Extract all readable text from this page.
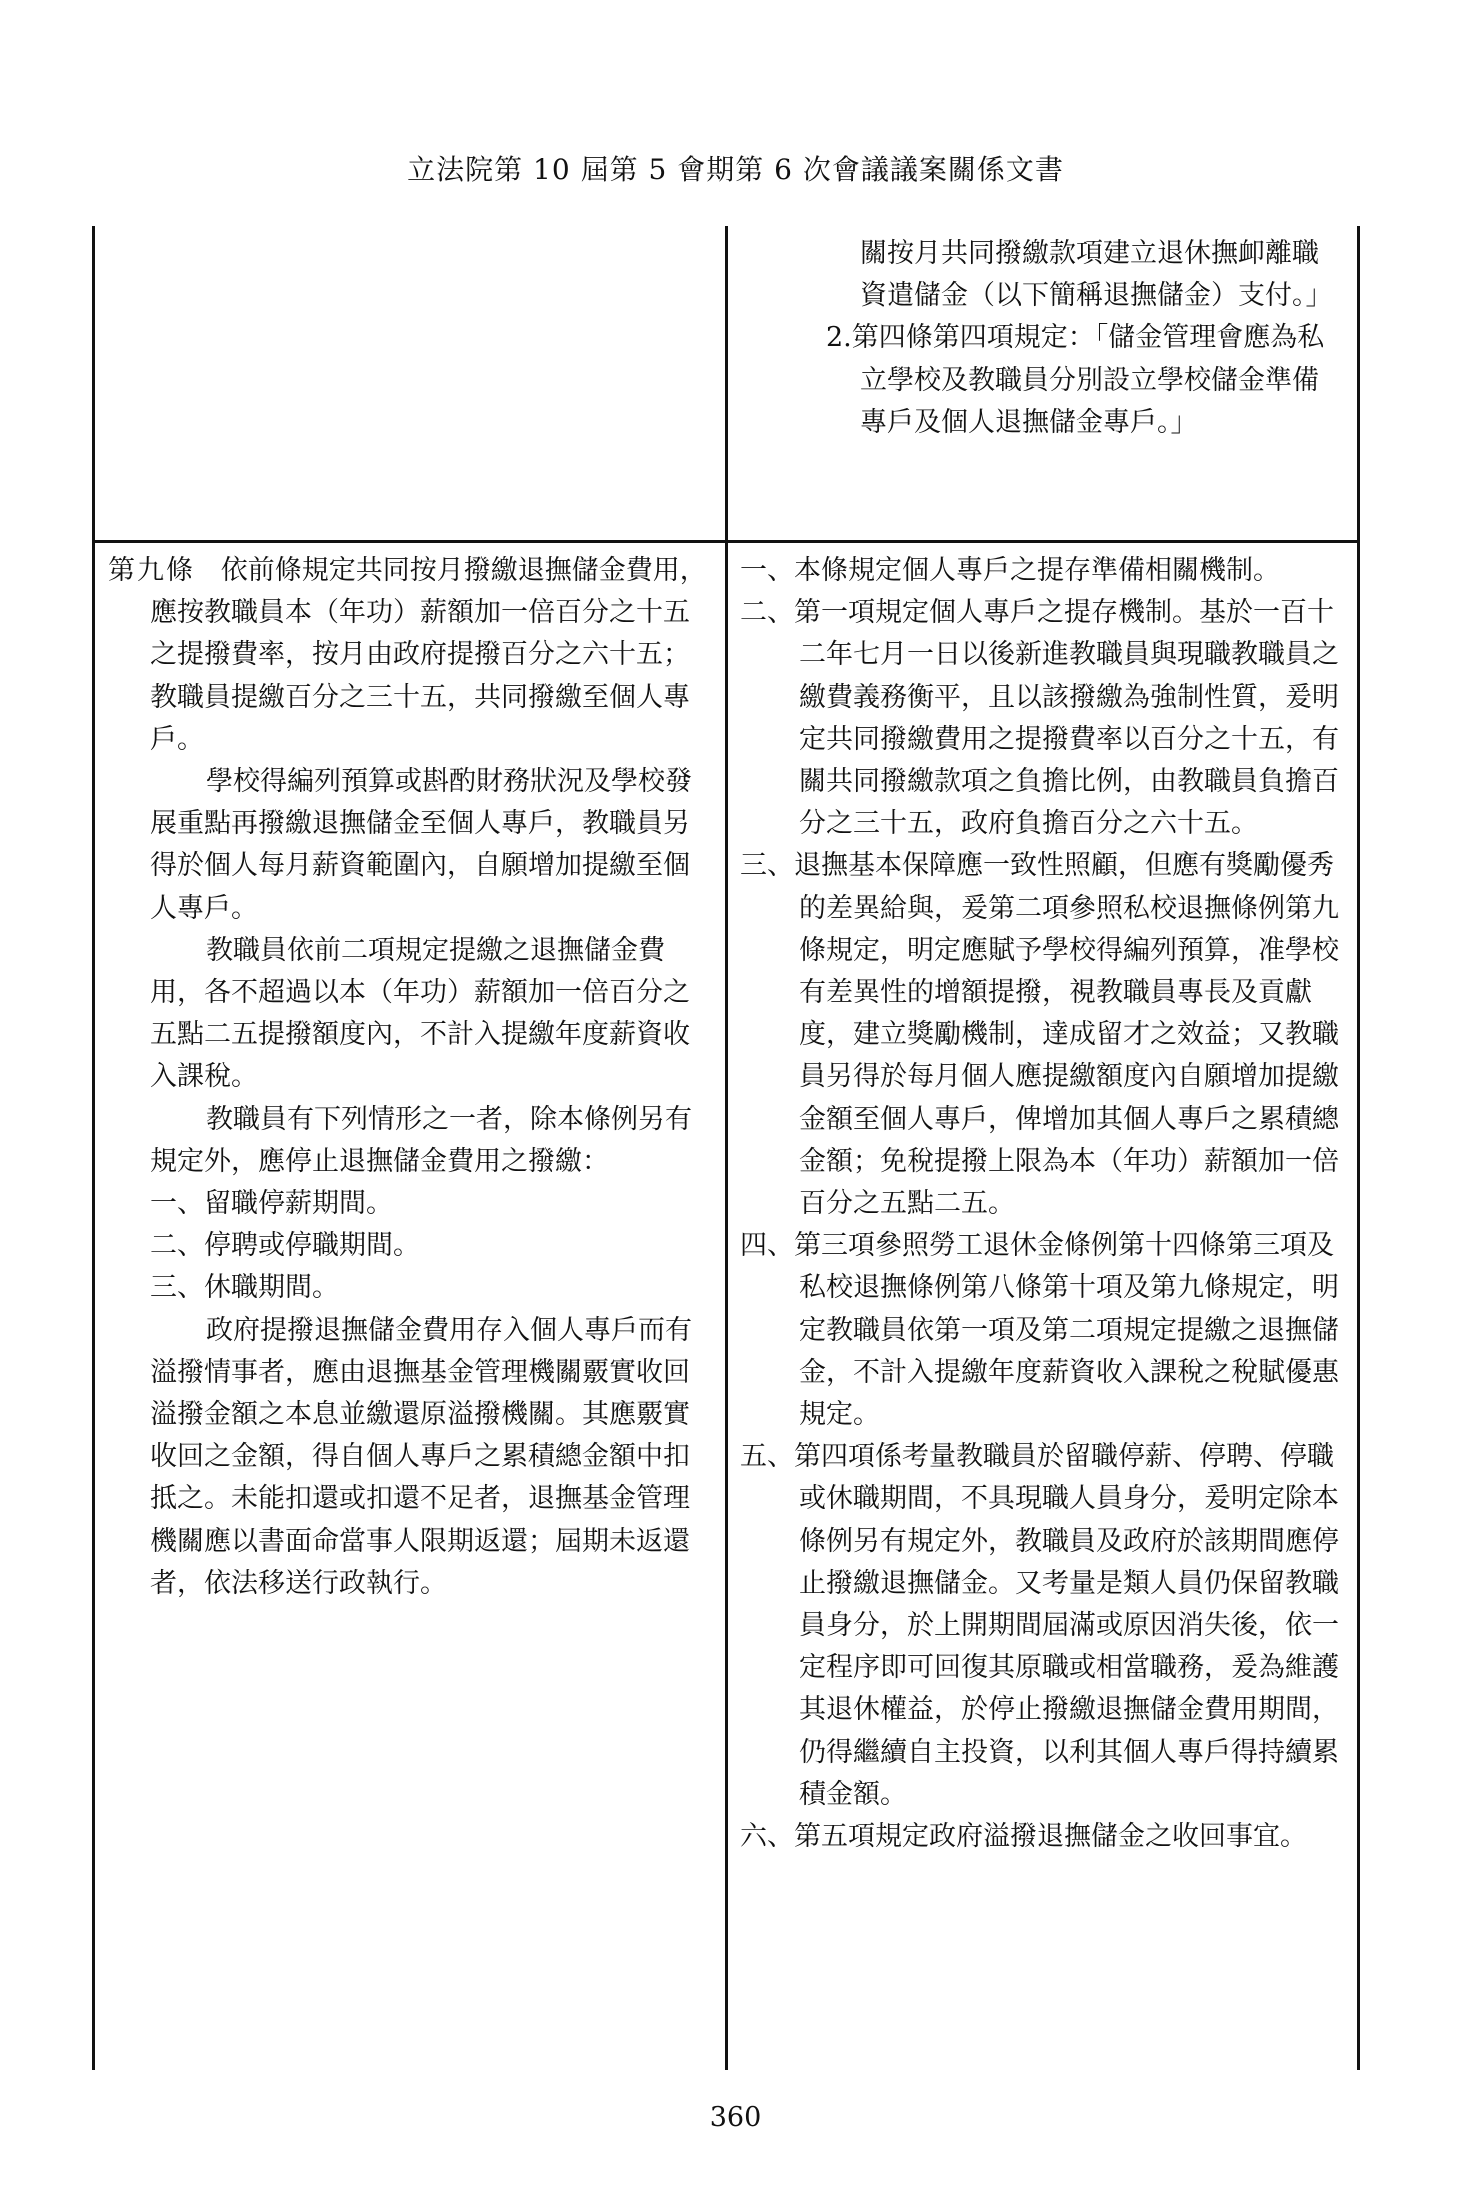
立法院第 10 屆第 5 會期第 6 次會議議案關係文書

關按月共同撥繳款項建立退休撫卹離職資遣儲金（以下簡稱退撫儲金）支付。」

2.第四條第四項規定：「儲金管理會應為私立學校及教職員分別設立學校儲金準備專戶及個人退撫儲金專戶。」

第九條 依前條規定共同按月撥繳退撫儲金費用，應按教職員本（年功）薪額加一倍百分之十五之提撥費率，按月由政府提撥百分之六十五；教職員提繳百分之三十五，共同撥繳至個人專戶。

學校得編列預算或斟酌財務狀況及學校發展重點再撥繳退撫儲金至個人專戶，教職員另得於個人每月薪資範圍內，自願增加提繳至個人專戶。

教職員依前二項規定提繳之退撫儲金費用，各不超過以本（年功）薪額加一倍百分之五點二五提撥額度內，不計入提繳年度薪資收入課稅。

教職員有下列情形之一者，除本條例另有規定外，應停止退撫儲金費用之撥繳：

一、留職停薪期間。

二、停聘或停職期間。

三、休職期間。

政府提撥退撫儲金費用存入個人專戶而有溢撥情事者，應由退撫基金管理機關覈實收回溢撥金額之本息並繳還原溢撥機關。其應覈實收回之金額，得自個人專戶之累積總金額中扣抵之。未能扣還或扣還不足者，退撫基金管理機關應以書面命當事人限期返還；屆期未返還者，依法移送行政執行。

一、本條規定個人專戶之提存準備相關機制。

二、第一項規定個人專戶之提存機制。基於一百十二年七月一日以後新進教職員與現職教職員之繳費義務衡平，且以該撥繳為強制性質，爰明定共同撥繳費用之提撥費率以百分之十五，有關共同撥繳款項之負擔比例，由教職員負擔百分之三十五，政府負擔百分之六十五。

三、退撫基本保障應一致性照顧，但應有獎勵優秀的差異給與，爰第二項參照私校退撫條例第九條規定，明定應賦予學校得編列預算，准學校有差異性的增額提撥，視教職員專長及貢獻度，建立獎勵機制，達成留才之效益；又教職員另得於每月個人應提繳額度內自願增加提繳金額至個人專戶，俾增加其個人專戶之累積總金額；免稅提撥上限為本（年功）薪額加一倍百分之五點二五。

四、第三項參照勞工退休金條例第十四條第三項及私校退撫條例第八條第十項及第九條規定，明定教職員依第一項及第二項規定提繳之退撫儲金，不計入提繳年度薪資收入課稅之稅賦優惠規定。

五、第四項係考量教職員於留職停薪、停聘、停職或休職期間，不具現職人員身分，爰明定除本條例另有規定外，教職員及政府於該期間應停止撥繳退撫儲金。又考量是類人員仍保留教職員身分，於上開期間屆滿或原因消失後，依一定程序即可回復其原職或相當職務，爰為維護其退休權益，於停止撥繳退撫儲金費用期間，仍得繼續自主投資，以利其個人專戶得持續累積金額。

六、第五項規定政府溢撥退撫儲金之收回事宜。

360
